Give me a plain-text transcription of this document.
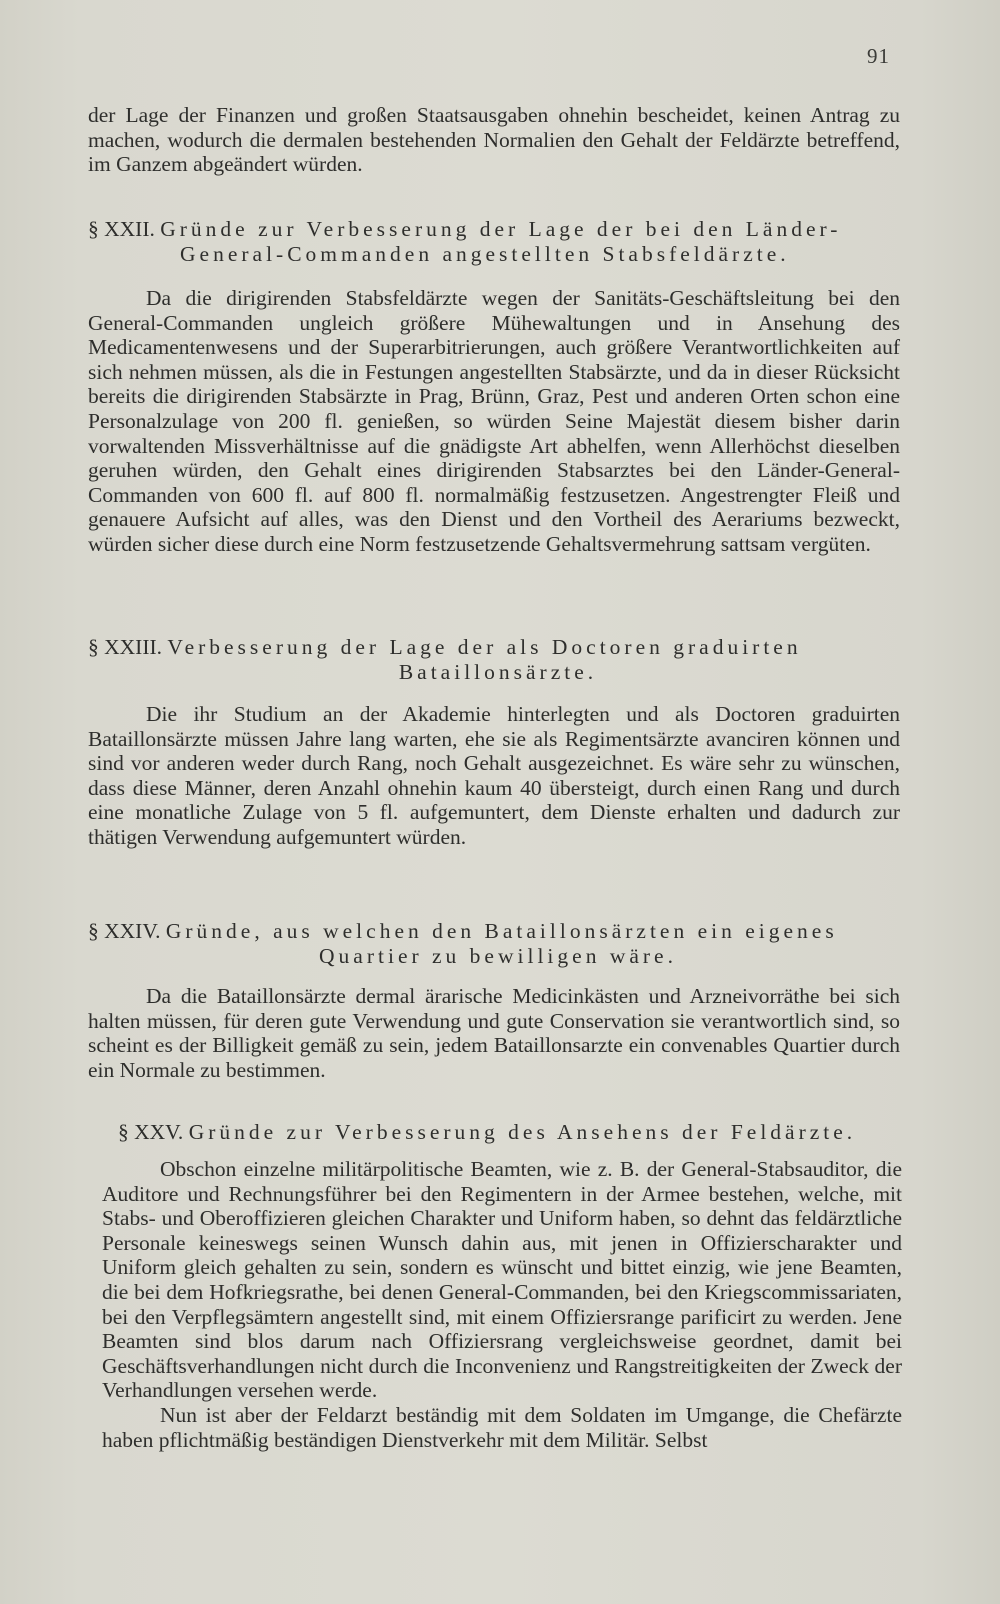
91

der Lage der Finanzen und großen Staatsausgaben ohnehin bescheidet, keinen Antrag zu machen, wodurch die dermalen bestehenden Normalien den Gehalt der Feldärzte betreffend, im Ganzem abgeändert würden.

§ XXII. Gründe zur Verbesserung der Lage der bei den Länder-
General-Commanden angestellten Stabsfeldärzte.

Da die dirigirenden Stabsfeldärzte wegen der Sanitäts-Geschäftsleitung bei den General-Commanden ungleich größere Mühewaltungen und in Ansehung des Medicamentenwesens und der Superarbitrierungen, auch größere Verantwortlichkeiten auf sich nehmen müssen, als die in Festungen angestellten Stabsärzte, und da in dieser Rücksicht bereits die dirigirenden Stabsärzte in Prag, Brünn, Graz, Pest und anderen Orten schon eine Personalzulage von 200 fl. genießen, so würden Seine Majestät diesem bisher darin vorwaltenden Missverhältnisse auf die gnädigste Art abhelfen, wenn Allerhöchst dieselben geruhen würden, den Gehalt eines dirigirenden Stabsarztes bei den Länder-General-Commanden von 600 fl. auf 800 fl. normalmäßig festzusetzen. Angestrengter Fleiß und genauere Aufsicht auf alles, was den Dienst und den Vortheil des Aerariums bezweckt, würden sicher diese durch eine Norm festzusetzende Gehaltsvermehrung sattsam vergüten.

§ XXIII. Verbesserung der Lage der als Doctoren graduirten
Bataillonsärzte.

Die ihr Studium an der Akademie hinterlegten und als Doctoren graduirten Bataillonsärzte müssen Jahre lang warten, ehe sie als Regimentsärzte avanciren können und sind vor anderen weder durch Rang, noch Gehalt ausgezeichnet. Es wäre sehr zu wünschen, dass diese Männer, deren Anzahl ohnehin kaum 40 übersteigt, durch einen Rang und durch eine monatliche Zulage von 5 fl. aufgemuntert, dem Dienste erhalten und dadurch zur thätigen Verwendung aufgemuntert würden.

§ XXIV. Gründe, aus welchen den Bataillonsärzten ein eigenes
Quartier zu bewilligen wäre.

Da die Bataillonsärzte dermal ärarische Medicinkästen und Arzneivorräthe bei sich halten müssen, für deren gute Verwendung und gute Conservation sie verantwortlich sind, so scheint es der Billigkeit gemäß zu sein, jedem Bataillonsarzte ein convenables Quartier durch ein Normale zu bestimmen.

§ XXV. Gründe zur Verbesserung des Ansehens der Feldärzte.

Obschon einzelne militärpolitische Beamten, wie z. B. der General-Stabsauditor, die Auditore und Rechnungsführer bei den Regimentern in der Armee bestehen, welche, mit Stabs- und Oberoffizieren gleichen Charakter und Uniform haben, so dehnt das feldärztliche Personale keineswegs seinen Wunsch dahin aus, mit jenen in Offizierscharakter und Uniform gleich gehalten zu sein, sondern es wünscht und bittet einzig, wie jene Beamten, die bei dem Hofkriegsrathe, bei denen General-Commanden, bei den Kriegscommissariaten, bei den Verpflegsämtern angestellt sind, mit einem Offiziersrange parificirt zu werden. Jene Beamten sind blos darum nach Offiziersrang vergleichsweise geordnet, damit bei Geschäftsverhandlungen nicht durch die Inconvenienz und Rangstreitigkeiten der Zweck der Verhandlungen versehen werde.

Nun ist aber der Feldarzt beständig mit dem Soldaten im Umgange, die Chefärzte haben pflichtmäßig beständigen Dienstverkehr mit dem Militär. Selbst
